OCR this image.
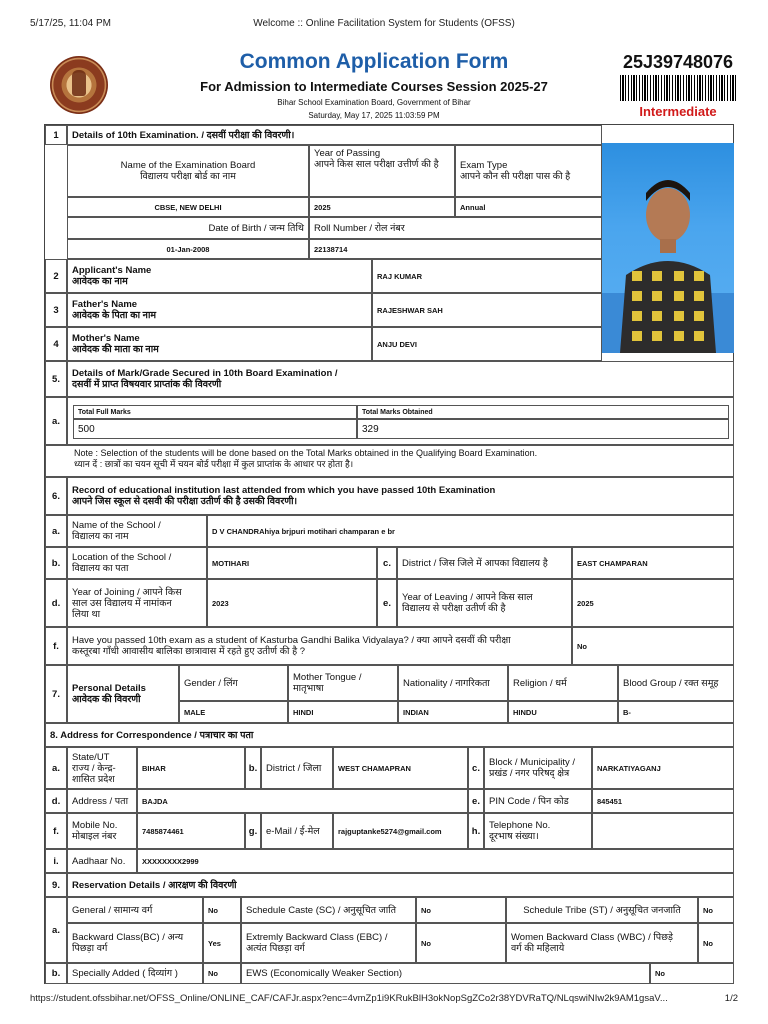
5/17/25, 11:04 PM	Welcome :: Online Facilitation System for Students (OFSS)
Common Application Form
For Admission to Intermediate Courses Session 2025-27
Bihar School Examination Board, Government of Bihar
Saturday, May 17, 2025 11:03:59 PM
25J39748076
Intermediate
1	Details of 10th Examination. / दसवीं परीक्षा की विवरणी।
Name of the Examination Board
विद्यालय परीक्षा बोर्ड का नाम
Year of Passing
आपने किस साल परीक्षा उत्तीर्ण की है	Exam Type
आपने कौन सी परीक्षा पास की है
CBSE, NEW DELHI	2025	Annual
Date of Birth / जन्म तिथि	Roll Number / रोल नंबर
01-Jan-2008	22138714
2	Applicant's Name
आवेदक का नाम	RAJ KUMAR
3	Father's Name
आवेदक के पिता का नाम	RAJESHWAR SAH
4	Mother's Name
आवेदक की माता का नाम	ANJU DEVI
5.	Details of Mark/Grade Secured in 10th Board Examination /
दसवीं में प्राप्त विषयवार प्राप्तांक की विवरणी
a.
Total Full Marks	Total Marks Obtained
500	329
Note : Selection of the students will be done based on the Total Marks obtained in the Qualifying Board Examination.
ध्यान दें : छात्रों का चयन सूची में चयन बोर्ड परीक्षा में कुल प्राप्तांक के आधार पर होता है।
6.	Record of educational institution last attended from which you have passed 10th Examination
आपने जिस स्कूल से दसवी की परीक्षा उतीर्ण की है उसकी विवरणी।
a.	Name of the School /
विद्यालय का नाम	D V CHANDRAhiya brjpuri motihari champaran e br
b.	Location of the School /
विद्यालय का पता	MOTIHARI	c.	District / जिस जिले में आपका विद्यालय है	EAST CHAMPARAN
d.
Year of Joining / आपने किस
साल उस विद्यालय में नामांकन
लिया था
2023	e.	Year of Leaving / आपने किस साल
विद्यालय से परीक्षा उतीर्ण की है	2025
f.	Have you passed 10th exam as a student of Kasturba Gandhi Balika Vidyalaya? / क्या आपने दसवीं की परीक्षा
कस्तूरबा गाँधी आवासीय बालिका छात्रावास में रहते हुए उतीर्ण की है ?	No
7.	Personal Details
आवेदक की विवरणी
Gender / लिंग	Mother Tongue /
मातृभाषा	Nationality / नागरिकता	Religion / धर्म	Blood Group / रक्त समूह
MALE	HINDI	INDIAN	HINDU	B-
8. Address for Correspondence / पत्राचार का पता
a.
State/UT
राज्य / केन्द्र-
शासित प्रदेश
BIHAR	b. District / जिला	WEST CHAMAPRAN	c. Block / Municipality /
प्रखंड / नगर परिषद् क्षेत्र	NARKATIYAGANJ
d.	Address / पता	BAJDA	e. PIN Code / पिन कोड	845451
f.	Mobile No.
मोबाइल नंबर	7485874461	g. e-Mail / ई-मेल	rajguptanke5274@gmail.com	h. Telephone No.
दूरभाष संख्या।
i.	Aadhaar No.	XXXXXXXX2999
9.	Reservation Details / आरक्षण की विवरणी
a.
General / सामान्य वर्ग	No	Schedule Caste (SC) / अनुसूचित जाति	No	Schedule Tribe (ST) / अनुसूचित जनजाति	No
Backward Class(BC) / अन्य
पिछड़ा वर्ग	Yes	Extremly Backward Class (EBC) /
अत्यंत पिछड़ा वर्ग	No	Women Backward Class (WBC) / पिछड़े
वर्ग की महिलाये	No
b.	Specially Added ( दिव्यांग )	No	EWS (Economically Weaker Section)	No
https://student.ofssbihar.net/OFSS_Online/ONLINE_CAF/CAFJr.aspx?enc=4vmZp1i9KRukBlH3okNopSgZCo2r38YDVRaTQ/NLqswiNIw2k9AM1gsaV...	1/2
